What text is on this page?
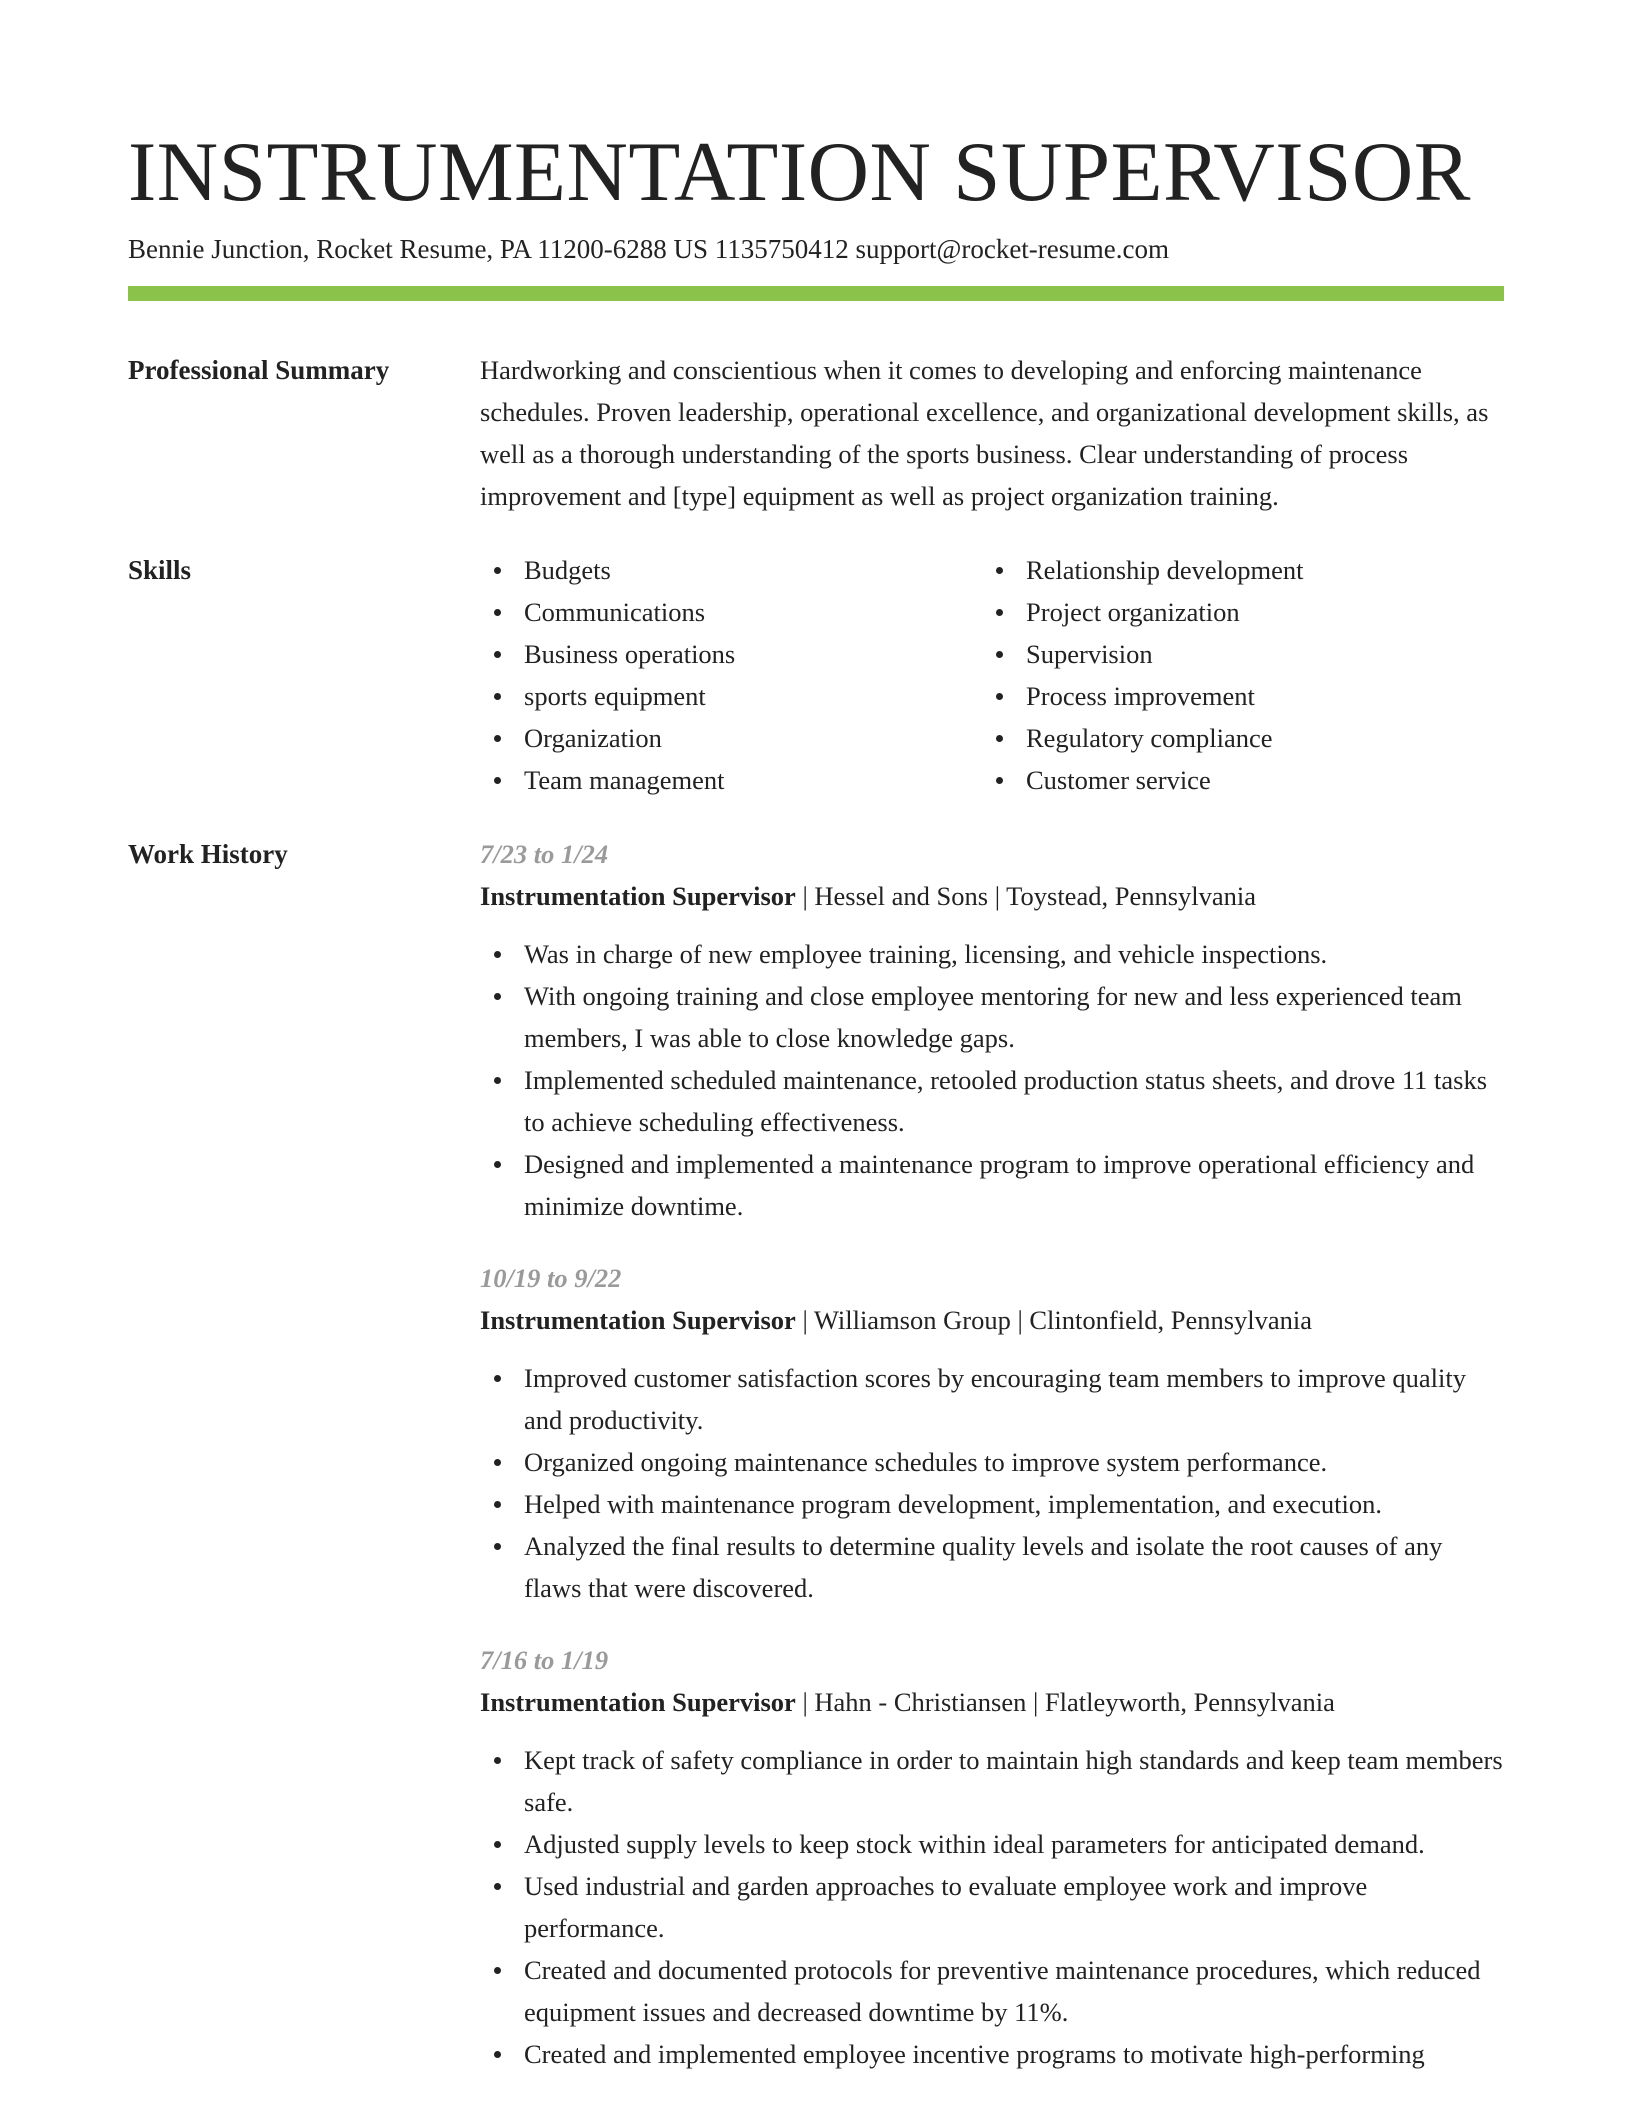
INSTRUMENTATION SUPERVISOR
Bennie Junction, Rocket Resume, PA 11200-6288 US 1135750412 support@rocket-resume.com
Professional Summary	Hardworking and conscientious when it comes to developing and enforcing maintenance schedules. Proven leadership, operational excellence, and organizational development skills, as well as a thorough understanding of the sports business. Clear understanding of process improvement and [type] equipment as well as project organization training.

Skills	Budgets
Communications
Business operations
sports equipment
Organization
Team management
Relationship development
Project organization
Supervision
Process improvement
Regulatory compliance
Customer service
Work History	7/23 to 1/24
Instrumentation Supervisor | Hessel and Sons | Toystead, Pennsylvania
Was in charge of new employee training, licensing, and vehicle inspections.
With ongoing training and close employee mentoring for new and less experienced team members, I was able to close knowledge gaps.
Implemented scheduled maintenance, retooled production status sheets, and drove 11 tasks to achieve scheduling effectiveness.
Designed and implemented a maintenance program to improve operational efficiency and minimize downtime.
10/19 to 9/22
Instrumentation Supervisor | Williamson Group | Clintonfield, Pennsylvania
Improved customer satisfaction scores by encouraging team members to improve quality and productivity.
Organized ongoing maintenance schedules to improve system performance.
Helped with maintenance program development, implementation, and execution.
Analyzed the final results to determine quality levels and isolate the root causes of any flaws that were discovered.
7/16 to 1/19
Instrumentation Supervisor | Hahn - Christiansen | Flatleyworth, Pennsylvania
Kept track of safety compliance in order to maintain high standards and keep team members safe.
Adjusted supply levels to keep stock within ideal parameters for anticipated demand.
Used industrial and garden approaches to evaluate employee work and improve performance.
Created and documented protocols for preventive maintenance procedures, which reduced equipment issues and decreased downtime by 11%.
Created and implemented employee incentive programs to motivate high-performing
